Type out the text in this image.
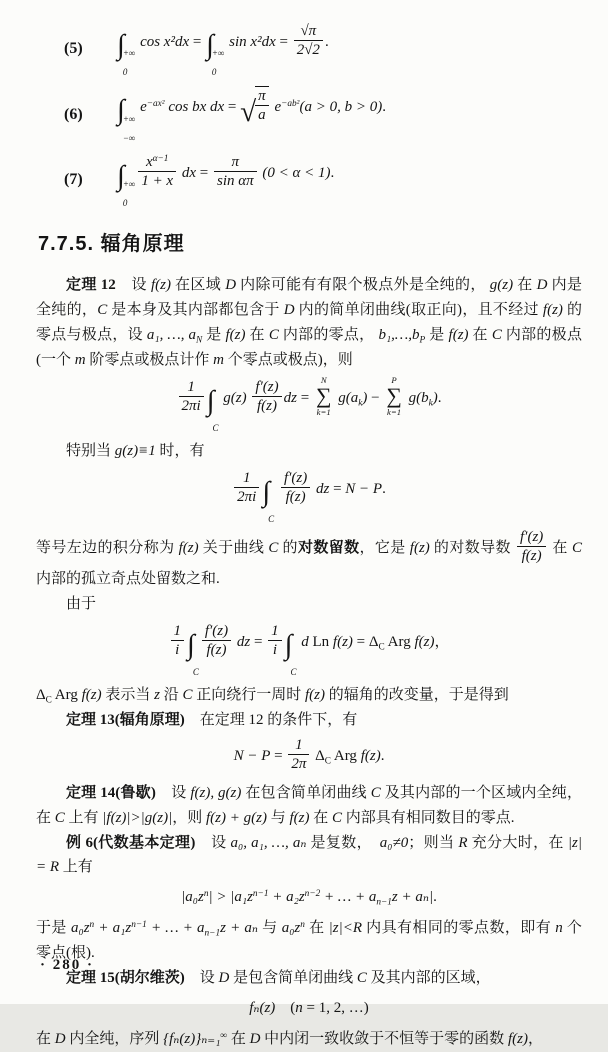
(5)	∫
+∞
0
cos x²dx = ∫
+∞
0
$\sin x^2dx = \frac{√\pi}{2√2}$ .
(6)	∫
+∞
−∞
$e^{-ax^2}$ cos bx dx = √ $\frac{\pi}{a} e^{-ab^2}(a > 0$, b > 0).
(7)	∫
+∞
0
$\frac{x^{\alpha-1}}{1 + x}$ dx = $\frac{\pi}{\text{sin απ}} (0 < \alpha < 1)$.
7.7.5. 辐角原理

定理 12　设 f(z) 在区域 D 内除可能有有限个极点外是全纯的， g(z) 在 D 内是全纯的，C 是本身及其内部都包含于 D 内的简单闭曲线(取正向)，且不经过 f(z) 的零点与极点，设 a₁, …, $a_N$ 是 f(z) 在 C 内部的零点， $b_1,\dots,b_P$ 是 f(z) 在 C 内部的极点(一个 m 阶零点或极点计作 m 个零点或极点)，则

$\frac{1}{2\pi i}$ ∫

C
$g(z) \frac{f'(z)}{f(z)}$ dz =
N
∑
k=1
$g(a_k)$ −
P
∑
k=1
$g(b_k)$.

特别当 g(z)≡1 时，有

$\frac{1}{2\pi i}$ ∫

C

$\frac{f'(z)}{f(z)}$ dz = N − P.

等号左边的积分称为 f(z) 关于曲线 C 的对数留数，它是 f(z) 的对数导数 $\frac{f'(z)}{f(z)}$ 在 C 内部的孤立奇点处留数之和.

由于

$\frac{1}{i}$ ∫

C
$\frac{f'(z)}{f(z)}$ dz = $\frac{1}{i}$ ∫

C
d Ln $f(z) = \Delta_C$ Arg f(z)，

$\Delta_C$ Arg f(z) 表示当 z 沿 C 正向绕行一周时 f(z) 的辐角的改变量，于是得到

定理 13(辐角原理)　在定理 12 的条件下，有

$N - P = \frac{1}{2\pi} \Delta_C$ Arg f(z).

定理 14(鲁歇)　设 f(z), g(z) 在包含简单闭曲线 C 及其内部的一个区域内全纯，在 C 上有 |f(z)|>|g(z)|，则 f(z) + g(z) 与 f(z) 在 C 内部具有相同数目的零点.

例 6(代数基本定理)　设 a₀, a₁, …, aₙ 是复数，　a₀≠0；则当 R 充分大时，在 |z| = R 上有

$|a_0z^n| > |a_1z^{n-1} + a_2z^{n-2}$ + … + $a_{n-1}z + a_n|$.

于是 $a_0z^n + a_1z^{n-1}$ + … + $a_{n-1}z + a_n$ 与 $a_0z^n$ 在 |z|<R 内具有相同的零点数，即有 n 个零点(根).

定理 15(胡尔维茨)　设 D 是包含简单闭曲线 C 及其内部的区域，

fₙ(z)　(n = 1, 2, …)

在 D 内全纯，序列 {fₙ(z)}ₙ₌₁∞ 在 D 中内闭一致收敛于不恒等于零的函数 f(z)，

· 280 ·
